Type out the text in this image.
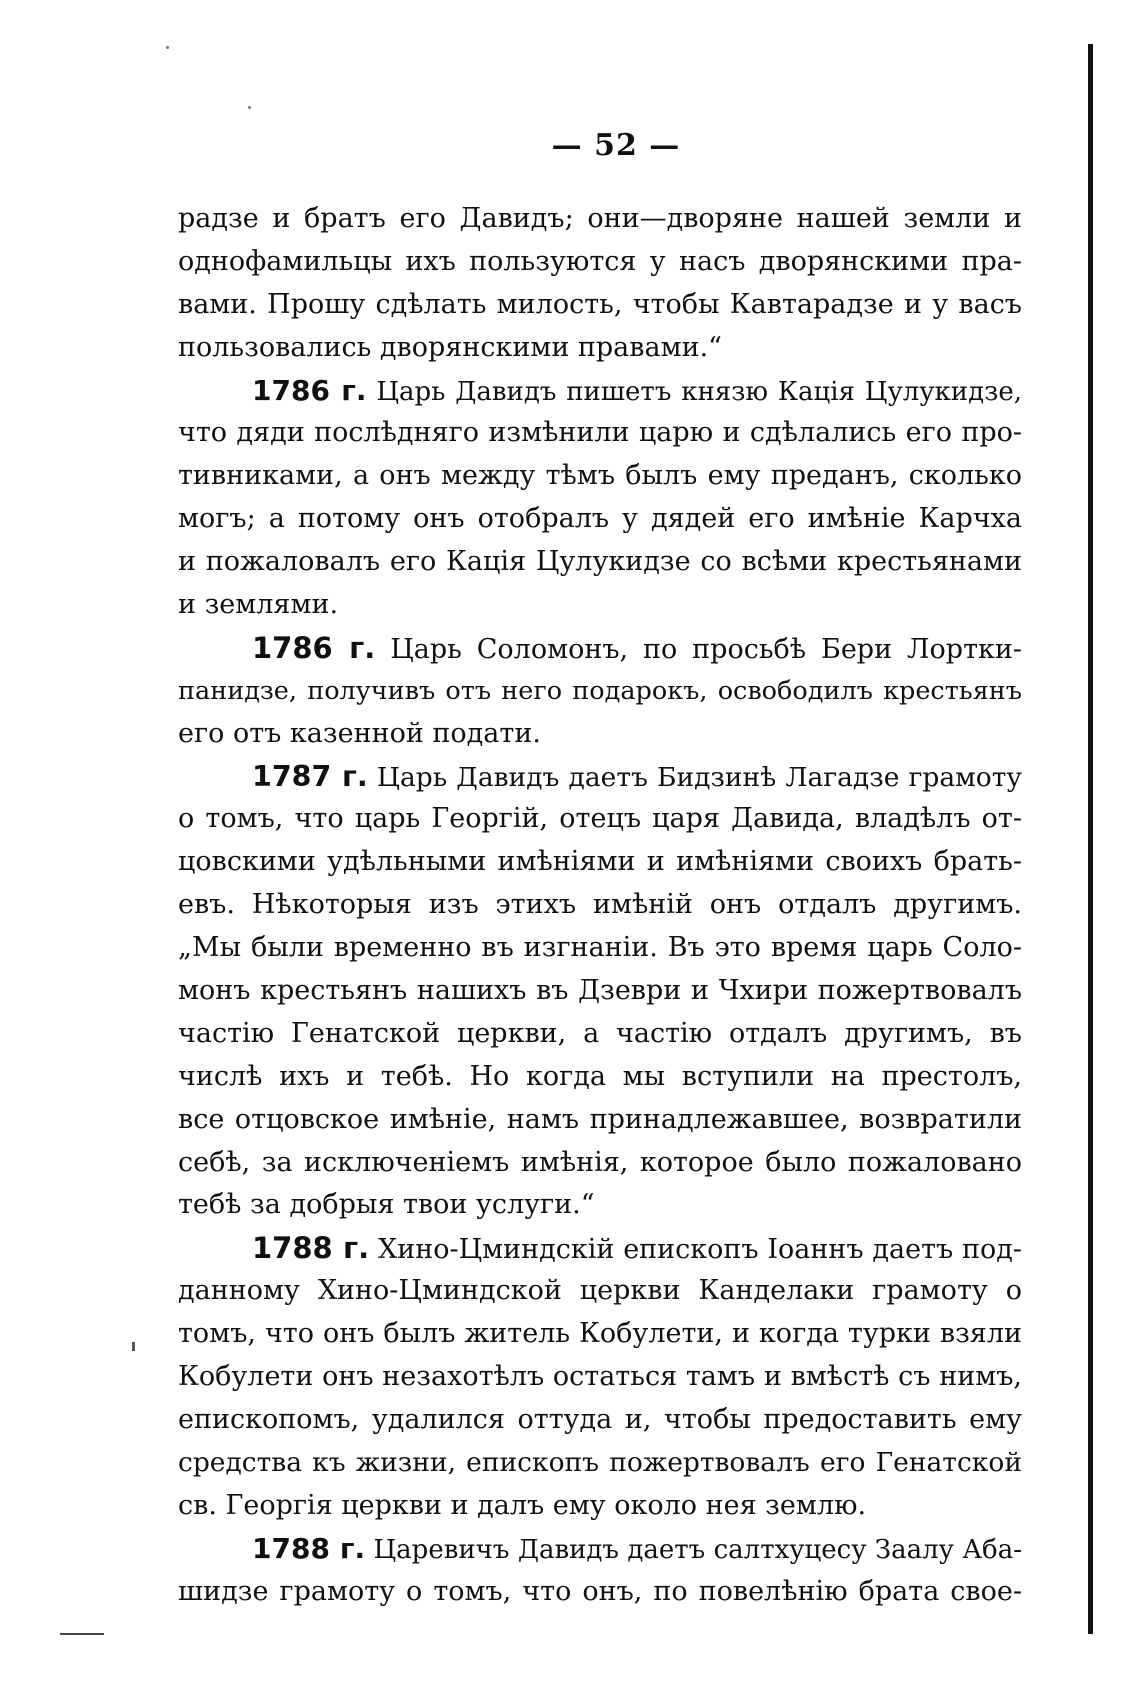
— 52 —
радзе и братъ его Давидъ; они—дворяне нашей земли и
однофамильцы ихъ пользуются у насъ дворянскими пра-
вами. Прошу сдѣлать милость, чтобы Кавтарадзе и у васъ
пользовались дворянскими правами.“
1786 г. Царь Давидъ пишетъ князю Кацiя Цулукидзе,
что дяди послѣдняго измѣнили царю и сдѣлались его про-
тивниками, а онъ между тѣмъ былъ ему преданъ, сколько
могъ; а потому онъ отобралъ у дядей его имѣнiе Карчха
и пожаловалъ его Кацiя Цулукидзе со всѣми крестьянами
и землями.
1786 г. Царь Соломонъ, по просьбѣ Бери Лортки-
панидзе, получивъ отъ него подарокъ, освободилъ крестьянъ
его отъ казенной подати.
1787 г. Царь Давидъ даетъ Бидзинѣ Лагадзе грамоту
о томъ, что царь Георгiй, отецъ царя Давида, владѣлъ от-
цовскими удѣльными имѣнiями и имѣнiями своихъ брать-
евъ. Нѣкоторыя изъ этихъ имѣнiй онъ отдалъ другимъ.
„Мы были временно въ изгнанiи. Въ это время царь Соло-
монъ крестьянъ нашихъ въ Дзеври и Чхири пожертвовалъ
частiю Генатской церкви, а частiю отдалъ другимъ, въ
числѣ ихъ и тебѣ. Но когда мы вступили на престолъ,
все отцовское имѣнiе, намъ принадлежавшее, возвратили
себѣ, за исключенiемъ имѣнiя, которое было пожаловано
тебѣ за добрыя твои услуги.“
1788 г. Хино-Цминдскiй епископъ Iоаннъ даетъ под-
данному Хино-Цминдской церкви Канделаки грамоту о
томъ, что онъ былъ житель Кобулети, и когда турки взяли
Кобулети онъ незахотѣлъ остаться тамъ и вмѣстѣ съ нимъ,
епископомъ, удалился оттуда и, чтобы предоставить ему
средства къ жизни, епископъ пожертвовалъ его Генатской
св. Георгiя церкви и далъ ему около нея землю.
1788 г. Царевичъ Давидъ даетъ салтхуцесу Заалу Аба-
шидзе грамоту о томъ, что онъ, по повелѣнiю брата свое-
